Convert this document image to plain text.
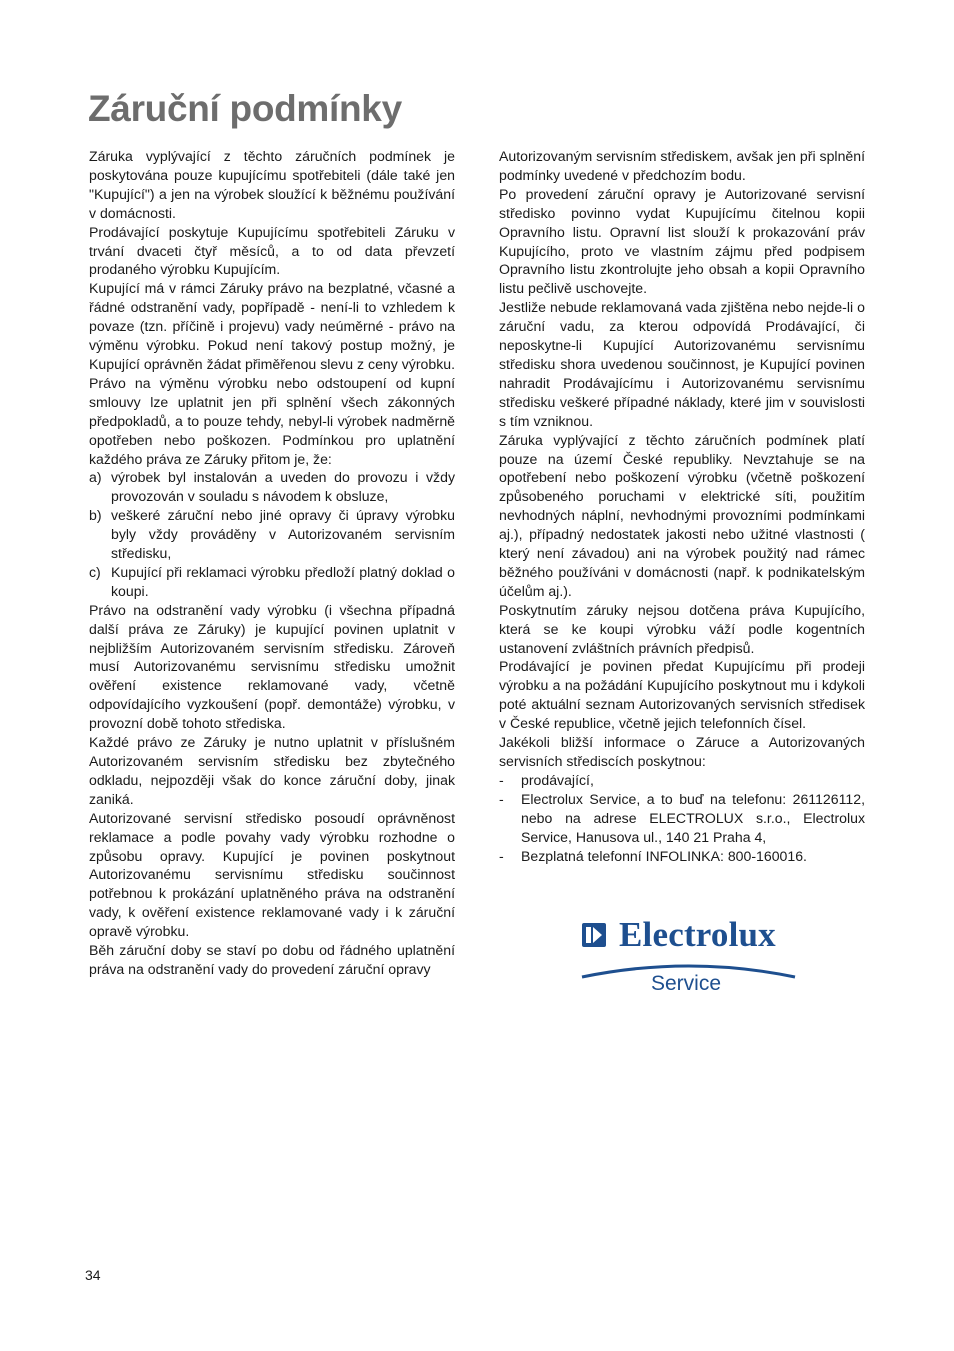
Záruční podmínky

Záruka vyplývající z těchto záručních podmínek je poskytována pouze kupujícímu spotřebiteli (dále také jen "Kupující") a jen na výrobek sloužící k běžnému používání v domácnosti.

Prodávající poskytuje Kupujícímu spotřebiteli Záruku v trvání dvaceti čtyř měsíců, a to od data převzetí prodaného výrobku Kupujícím.

Kupující má v rámci Záruky právo na bezplatné, včasné a řádné odstranění vady, popřípadě - není-li to vzhledem k povaze (tzn. příčině i projevu) vady neúměrné - právo na výměnu výrobku. Pokud není takový postup možný, je Kupující oprávněn žádat přiměřenou slevu z ceny výrobku. Právo na výměnu výrobku nebo odstoupení od kupní smlouvy lze uplatnit jen při splnění všech zákonných předpokladů, a to pouze tehdy, nebyl-li výrobek nadměrně opotřeben nebo poškozen. Podmínkou pro uplatnění každého práva ze Záruky přitom je, že:

a) výrobek byl instalován a uveden do provozu i vždy provozován v souladu s návodem k obsluze,
b) veškeré záruční nebo jiné opravy či úpravy výrobku byly vždy prováděny v Autorizovaném servisním středisku,
c) Kupující při reklamaci výrobku předloží platný doklad o koupi.

Právo na odstranění vady výrobku (i všechna případná další práva ze Záruky) je kupující povinen uplatnit v nejbližším Autorizovaném servisním středisku. Zároveň musí Autorizovanému servisnímu středisku umožnit ověření existence reklamované vady, včetně odpovídajícího vyzkoušení (popř. demontáže) výrobku, v provozní době tohoto střediska.

Každé právo ze Záruky je nutno uplatnit v příslušném Autorizovaném servisním středisku bez zbytečného odkladu, nejpozději však do konce záruční doby, jinak zaniká.

Autorizované servisní středisko posoudí oprávněnost reklamace a podle povahy vady výrobku rozhodne o způsobu opravy. Kupující je povinen poskytnout Autorizovanému servisnímu středisku součinnost potřebnou k prokázání uplatněného práva na odstranění vady, k ověření existence reklamované vady i k záruční opravě výrobku.

Běh záruční doby se staví po dobu od řádného uplatnění práva na odstranění vady do provedení záruční opravy

Autorizovaným servisním střediskem, avšak jen při splnění podmínky uvedené v předchozím bodu.

Po provedení záruční opravy je Autorizované servisní středisko povinno vydat Kupujícímu čitelnou kopii Opravního listu. Opravní list slouží k prokazování práv Kupujícího, proto ve vlastním zájmu před podpisem Opravního listu zkontrolujte jeho obsah a kopii Opravního listu pečlivě uschovejte.

Jestliže nebude reklamovaná vada zjištěna nebo nejde-li o záruční vadu, za kterou odpovídá Prodávající, či neposkytne-li Kupující Autorizovanému servisnímu středisku shora uvedenou součinnost, je Kupující povinen nahradit Prodávajícímu i Autorizovanému servisnímu středisku veškeré případné náklady, které jim v souvislosti s tím vzniknou.

Záruka vyplývající z těchto záručních podmínek platí pouze na území České republiky. Nevztahuje se na opotřebení nebo poškození výrobku (včetně poškození způsobeného poruchami v elektrické síti, použitím nevhodných náplní, nevhodnými provozními podmínkami aj.), případný nedostatek jakosti nebo užitné vlastnosti ( který není závadou) ani na výrobek použitý nad rámec běžného používáni v domácnosti (např. k podnikatelským účelům aj.).

Poskytnutím záruky nejsou dotčena práva Kupujícího, která se ke koupi výrobku váží podle kogentních ustanovení zvláštních právních předpisů.

Prodávající je povinen předat Kupujícímu při prodeji výrobku a na požádání Kupujícího poskytnout mu i kdykoli poté aktuální seznam Autorizovaných servisních středisek v České republice, včetně jejich telefonních čísel.

Jakékoli bližší informace o Záruce a Autorizovaných servisních střediscích poskytnou:

- prodávající,
- Electrolux Service, a to buď na telefonu: 261126112, nebo na adrese ELECTROLUX s.r.o., Electrolux Service, Hanusova ul., 140 21 Praha 4,
- Bezplatná telefonní INFOLINKA: 800-160016.
Electrolux
Service
34
